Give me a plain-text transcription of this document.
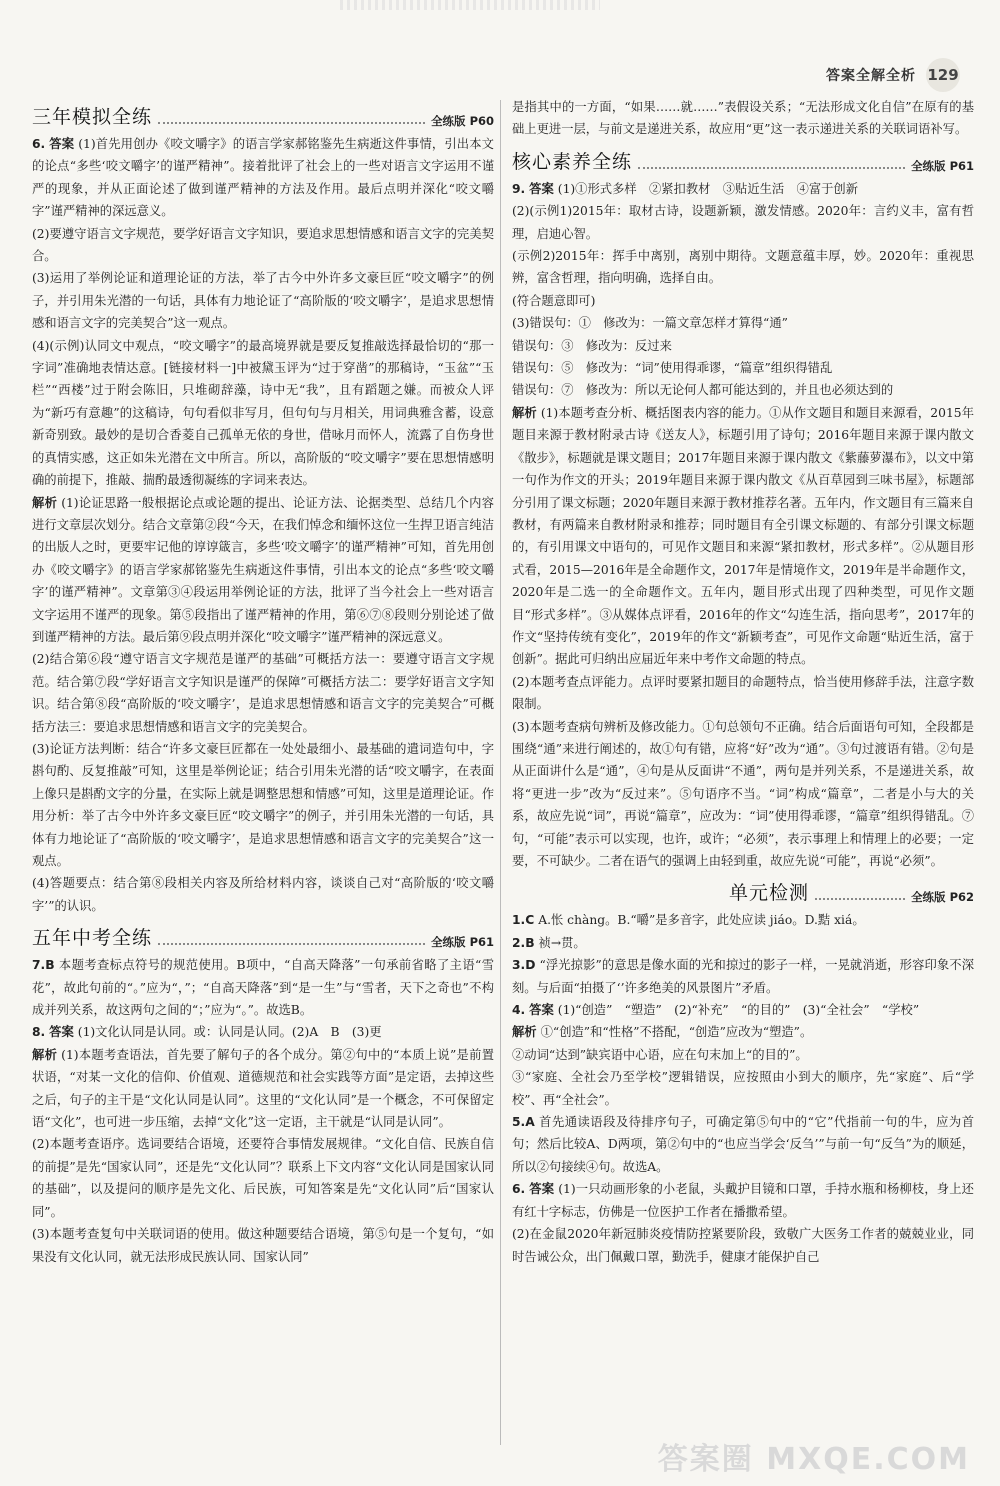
答案全解全析 129
三年模拟全练	全练版 P60

6. 答案 (1)首先用创办《咬文嚼字》的语言学家郝铭鉴先生病逝这件事情，引出本文的论点“多些‘咬文嚼字’的谨严精神”。接着批评了社会上的一些对语言文字运用不谨严的现象，并从正面论述了做到谨严精神的方法及作用。最后点明并深化“咬文嚼字”谨严精神的深远意义。

(2)要遵守语言文字规范，要学好语言文字知识，要追求思想情感和语言文字的完美契合。

(3)运用了举例论证和道理论证的方法，举了古今中外许多文豪巨匠“咬文嚼字”的例子，并引用朱光潜的一句话，具体有力地论证了“高阶版的‘咬文嚼字’，是追求思想情感和语言文字的完美契合”这一观点。

(4)(示例)认同文中观点，“咬文嚼字”的最高境界就是要反复推敲选择最恰切的“那一字词”准确地表情达意。[链接材料一]中被黛玉评为“过于穿凿”的那稿诗，“玉盆”“玉栏”“西楼”过于附会陈旧，只堆砌辞藻，诗中无“我”，且有蹈题之嫌。而被众人评为“新巧有意趣”的这稿诗，句句看似非写月，但句句与月相关，用词典雅含蓄，设意新奇别致。最妙的是切合香菱自己孤单无依的身世，借咏月而怀人，流露了自伤身世的真情实感，这正如朱光潜在文中所言。所以，高阶版的“咬文嚼字”要在思想情感明确的前提下，推敲、揣酌最透彻凝练的字词来表达。

解析 (1)论证思路一般根据论点或论题的提出、论证方法、论据类型、总结几个内容进行文章层次划分。结合文章第②段“今天，在我们悼念和缅怀这位一生捍卫语言纯洁的出版人之时，更要牢记他的谆谆箴言，多些‘咬文嚼字’的谨严精神”可知，首先用创办《咬文嚼字》的语言学家郝铭鉴先生病逝这件事情，引出本文的论点“多些‘咬文嚼字’的谨严精神”。文章第③④段运用举例论证的方法，批评了当今社会上一些对语言文字运用不谨严的现象。第⑤段指出了谨严精神的作用，第⑥⑦⑧段则分别论述了做到谨严精神的方法。最后第⑨段点明并深化“咬文嚼字”谨严精神的深远意义。

(2)结合第⑥段“遵守语言文字规范是谨严的基础”可概括方法一：要遵守语言文字规范。结合第⑦段“学好语言文字知识是谨严的保障”可概括方法二：要学好语言文字知识。结合第⑧段“高阶版的‘咬文嚼字’，是追求思想情感和语言文字的完美契合”可概括方法三：要追求思想情感和语言文字的完美契合。

(3)论证方法判断：结合“许多文豪巨匠都在一处处最细小、最基础的遣词造句中，字斟句酌、反复推敲”可知，这里是举例论证；结合引用朱光潜的话“咬文嚼字，在表面上像只是斟酌文字的分量，在实际上就是调整思想和情感”可知，这里是道理论证。作用分析：举了古今中外许多文豪巨匠“咬文嚼字”的例子，并引用朱光潜的一句话，具体有力地论证了“高阶版的‘咬文嚼字’，是追求思想情感和语言文字的完美契合”这一观点。

(4)答题要点：结合第⑧段相关内容及所给材料内容，谈谈自己对“高阶版的‘咬文嚼字’”的认识。

五年中考全练	全练版 P61

7.B 本题考查标点符号的规范使用。B项中，“自高天降落”一句承前省略了主语“雪花”，故此句前的“。”应为“，”；“自高天降落”到“是一生”与“雪者，天下之奇也”不构成并列关系，故这两句之间的“；”应为“。”。故选B。

8. 答案 (1)文化认同是认同。或：认同是认同。(2)A　B　(3)更

解析 (1)本题考查语法，首先要了解句子的各个成分。第②句中的“本质上说”是前置状语，“对某一文化的信仰、价值观、道德规范和社会实践等方面”是定语，去掉这些之后，句子的主干是“文化认同是认同”。这里的“文化认同”是一个概念，不可保留定语“文化”，也可进一步压缩，去掉“文化”这一定语，主干就是“认同是认同”。

(2)本题考查语序。选词要结合语境，还要符合事情发展规律。“文化自信、民族自信的前提”是先“国家认同”，还是先“文化认同”？联系上下文内容“文化认同是国家认同的基础”，以及提问的顺序是先文化、后民族，可知答案是先“文化认同”后“国家认同”。

(3)本题考查复句中关联词语的使用。做这种题要结合语境，第⑤句是一个复句，“如果没有文化认同，就无法形成民族认同、国家认同”

是指其中的一方面，“如果……就……”表假设关系；“无法形成文化自信”在原有的基础上更进一层，与前文是递进关系，故应用“更”这一表示递进关系的关联词语补写。

核心素养全练	全练版 P61

9. 答案 (1)①形式多样　②紧扣教材　③贴近生活　④富于创新

(2)(示例1)2015年：取材古诗，设题新颖，激发情感。2020年：言约义丰，富有哲理，启迪心智。

(示例2)2015年：挥手中离别，离别中期待。文题意蕴丰厚，妙。2020年：重视思辨，富含哲理，指向明确，选择自由。

(符合题意即可)

(3)错误句：①　修改为：一篇文章怎样才算得“通”

错误句：③　修改为：反过来

错误句：⑤　修改为：“词”使用得乖谬，“篇章”组织得错乱

错误句：⑦　修改为：所以无论何人都可能达到的，并且也必须达到的

解析 (1)本题考查分析、概括图表内容的能力。①从作文题目和题目来源看，2015年题目来源于教材附录古诗《送友人》，标题引用了诗句；2016年题目来源于课内散文《散步》，标题就是课文题目；2017年题目来源于课内散文《紫藤萝瀑布》，以文中第一句作为作文的开头；2019年题目来源于课内散文《从百草园到三味书屋》，标题部分引用了课文标题；2020年题目来源于教材推荐名著。五年内，作文题目有三篇来自教材，有两篇来自教材附录和推荐；同时题目有全引课文标题的、有部分引课文标题的，有引用课文中语句的，可见作文题目和来源“紧扣教材，形式多样”。②从题目形式看，2015—2016年是全命题作文，2017年是情境作文，2019年是半命题作文，2020年是二选一的全命题作文。五年内，题目形式出现了四种类型，可见作文题目“形式多样”。③从媒体点评看，2016年的作文“勾连生活，指向思考”，2017年的作文“坚持传统有变化”，2019年的作文“新颖考查”，可见作文命题“贴近生活，富于创新”。据此可归纳出应届近年来中考作文命题的特点。

(2)本题考查点评能力。点评时要紧扣题目的命题特点，恰当使用修辞手法，注意字数限制。

(3)本题考查病句辨析及修改能力。①句总领句不正确。结合后面语句可知，全段都是围绕“通”来进行阐述的，故①句有错，应将“好”改为“通”。③句过渡语有错。②句是从正面讲什么是“通”，④句是从反面讲“不通”，两句是并列关系，不是递进关系，故将“更进一步”改为“反过来”。⑤句语序不当。“词”构成“篇章”，二者是小与大的关系，故应先说“词”，再说“篇章”，应改为：“词”使用得乖谬，“篇章”组织得错乱。⑦句，“可能”表示可以实现，也许，或许；“必须”，表示事理上和情理上的必要；一定要，不可缺少。二者在语气的强调上由轻到重，故应先说“可能”，再说“必须”。

单元检测	全练版 P62

1.C A.怅 chàng。B.“嚼”是多音字，此处应读 jiáo。D.黠 xiá。

2.B 祯→贯。

3.D “浮光掠影”的意思是像水面的光和掠过的影子一样，一晃就消逝，形容印象不深刻。与后面“拍摄了‘’许多绝美的风景图片”矛盾。

4. 答案 (1)“创造”　“塑造”　(2)“补充”　“的目的”　(3)“全社会”　“学校”

解析 ①“创造”和“性格”不搭配，“创造”应改为“塑造”。

②动词“达到”缺宾语中心语，应在句末加上“的目的”。

③“家庭、全社会乃至学校”逻辑错误，应按照由小到大的顺序，先“家庭”、后“学校”、再“全社会”。

5.A 首先通读语段及待排序句子，可确定第⑤句中的“它”代指前一句的牛，应为首句；然后比较A、D两项，第②句中的“也应当学会‘反刍’”与前一句“反刍”为的顺延，所以②句接续④句。故选A。

6. 答案 (1)一只动画形象的小老鼠，头戴护目镜和口罩，手持水瓶和杨柳枝，身上还有红十字标志，仿佛是一位医护工作者在播撒希望。

(2)在金鼠2020年新冠肺炎疫情防控紧要阶段，致敬广大医务工作者的兢兢业业，同时告诫公众，出门佩戴口罩，勤洗手，健康才能保护自己

答案圈 MXQE.COM
